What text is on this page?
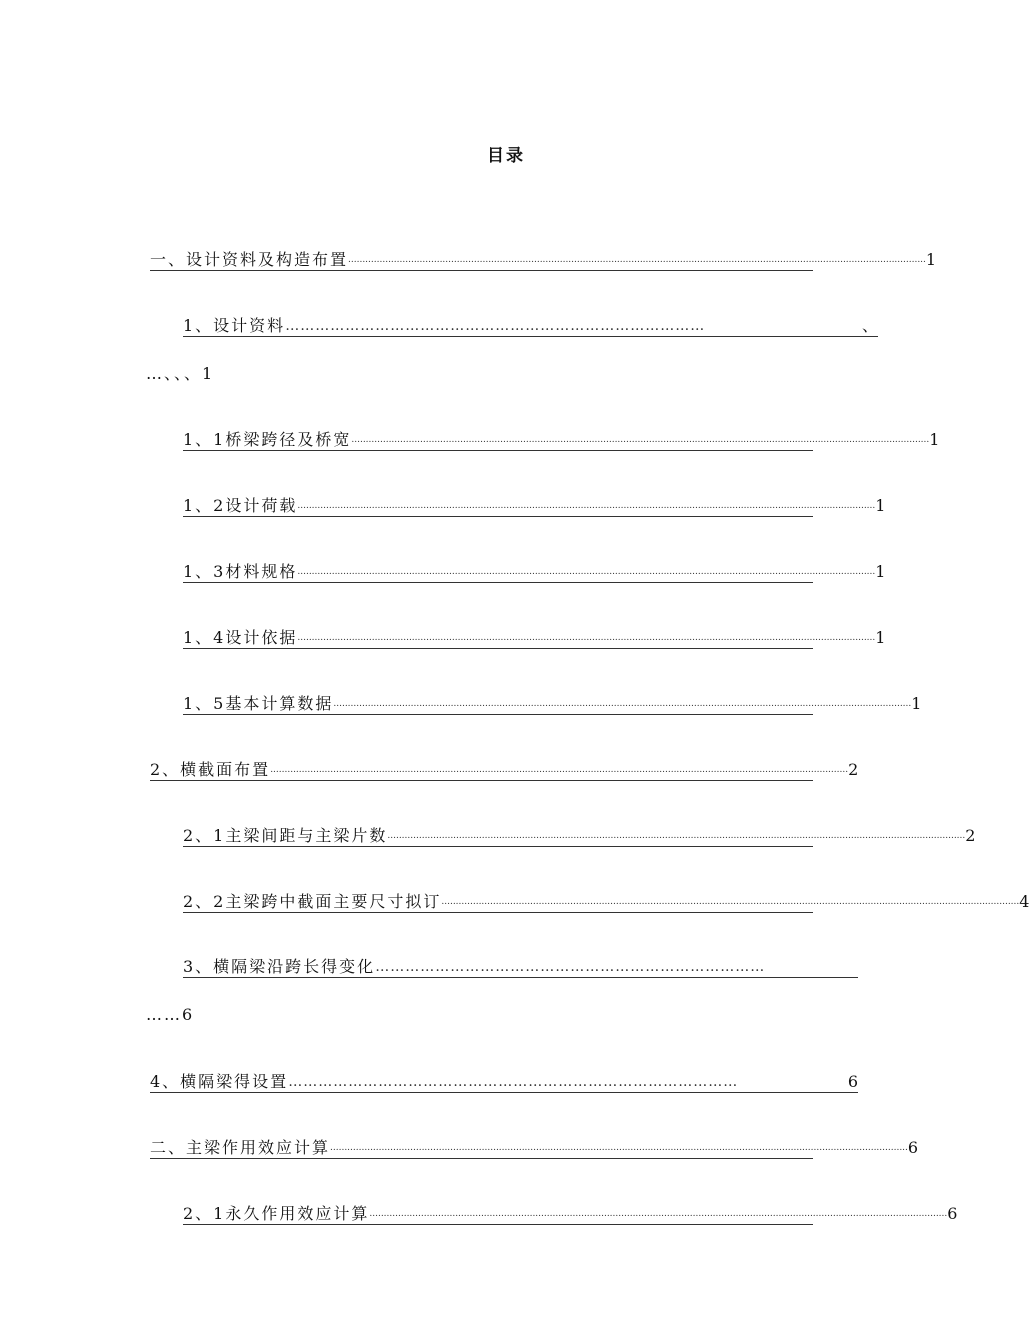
目录
一、设计资料及构造布置 .......................................................................................................................................................................................................... 1
1、设计资料 …………………………………………………………………………	、
…、、、1
1、1桥梁跨径及桥宽 .......................................................................................................................................................................................................... 1
1、2设计荷载 .......................................................................................................................................................................................................... 1
1、3材料规格 .......................................................................................................................................................................................................... 1
1、4设计依据 .......................................................................................................................................................................................................... 1
1、5基本计算数据 .......................................................................................................................................................................................................... 1
2、横截面布置 .......................................................................................................................................................................................................... 2
2、1主梁间距与主梁片数 .......................................................................................................................................................................................................... 2
2、2主梁跨中截面主要尺寸拟订 .......................................................................................................................................................................................................... 4
3、横隔梁沿跨长得变化 ……………………………………………………………………
……6
4、横隔梁得设置 ………………………………………………………………………………	6
二、主梁作用效应计算 .......................................................................................................................................................................................................... 6
2、1永久作用效应计算 .......................................................................................................................................................................................................... 6
